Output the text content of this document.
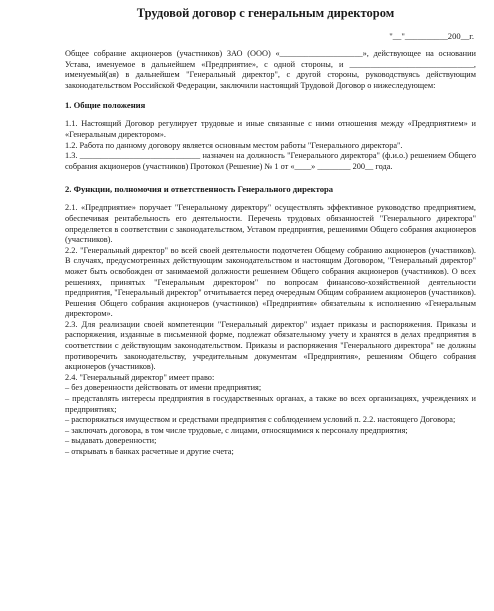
Трудовой договор с генеральным директором
"__"__________200__г.

Общее собрание акционеров (участников) ЗАО (ООО) «____________________», действующее на основании Устава, именуемое в дальнейшем «Предприятие», с одной стороны, и ______________________________, именуемый(ая) в дальнейшем "Генеральный директор", с другой стороны, руководствуясь действующим законодательством Российской Федерации, заключили настоящий Трудовой Договор о нижеследующем:

1. Общие положения

1.1. Настоящий Договор регулирует трудовые и иные связанные с ними отношения между «Предприятием» и «Генеральным директором».

1.2. Работа по данному договору является основным местом работы "Генерального директора".

1.3. _____________________________ назначен на должность "Генерального директора" (ф.и.о.) решением Общего собрания акционеров (участников) Протокол (Решение) № 1 от «____» ________ 200__ года.

2. Функции, полномочия и ответственность Генерального директора

2.1. «Предприятие» поручает "Генеральному директору" осуществлять эффективное руководство предприятием, обеспечивая рентабельность его деятельности. Перечень трудовых обязанностей "Генерального директора" определяется в соответствии с законодательством, Уставом предприятия, решениями Общего собрания акционеров (участников).

2.2. "Генеральный директор" во всей своей деятельности подотчетен Общему собранию акционеров (участников). В случаях, предусмотренных действующим законодательством и настоящим Договором, "Генеральный директор" может быть освобожден от занимаемой должности решением Общего собрания акционеров (участников). О всех решениях, принятых "Генеральным директором" по вопросам финансово-хозяйственной деятельности предприятия, "Генеральный директор" отчитывается перед очередным Общим собранием акционеров (участников). Решения Общего собрания акционеров (участников) «Предприятия» обязательны к исполнению «Генеральным директором».

2.3. Для реализации своей компетенции "Генеральный директор" издает приказы и распоряжения. Приказы и распоряжения, изданные в письменной форме, подлежат обязательному учету и хранятся в делах предприятия в соответствии с действующим законодательством. Приказы и распоряжения "Генерального директора" не должны противоречить законодательству, учредительным документам «Предприятия», решениям Общего собрания акционеров (участников).

2.4. "Генеральный директор" имеет право:

– без доверенности действовать от имени предприятия;

– представлять интересы предприятия в государственных органах, а также во всех организациях, учреждениях и предприятиях;

– распоряжаться имуществом и средствами предприятия с соблюдением условий п. 2.2. настоящего Договора;

– заключать договора, в том числе трудовые, с лицами, относящимися к персоналу предприятия;

– выдавать доверенности;

– открывать в банках расчетные и другие счета;
